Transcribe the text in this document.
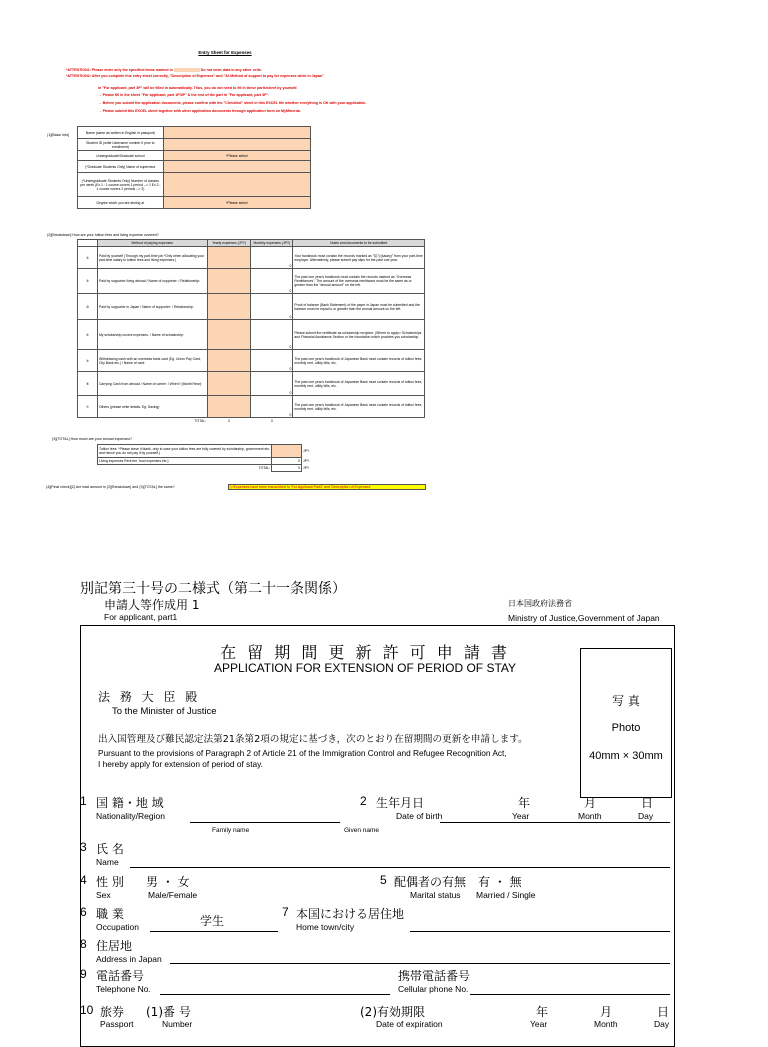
Entry Sheet for Expenses
*ATTENTION1: Please enter only the specified items marked in	Do not enter data in any other cells.
*ATTENTION2: After you complete this entry sheet correctly, "Description of Expenses" and "32.Method of support to pay for expenses while in Japan"
in "For applicant, part 3P" will be filled in automatically. Thus, you do not need to fill in these parts/sheet by yourself.
→ Please fill in the sheet "For applicant, part 1P/3P" & the rest of the part in "For applicant, part 3P".
→ Before you submit the application documents, please confirm with the "Checklist" sheet in this EXCEL file whether everything is OK with your application.
→ Please submit this EXCEL sheet together with other application documents through application form on MyMinerda.
(1)[Basic Info]
Name (same as written in English in passport)	
Student ID (write Username number if prior to enrollment)	
Undergraduate/Graduate school	*Please select
(*Graduate Students Only) Name of supervisor	
(*Undergraduate Students Only) Number of classes per week (Ex.1 : 1 course covers 1 period --> 1 Ex.2 : 1 course covers 2 periods --> 2)	
Degree which you are aiming at	*Please select
(2)[Breakdown] How are your tuition fees and living expense covered?
	Method of paying expenses	Yearly expenses (JPY)	Monthly expenses (JPY)	Notes and documents to be submitted
①	Paid by yourself (Through my part-time job *Only when allocating your part-time salary to tuition fees and living expenses.)		0	Your bankbook must contain the records marked as "給与(salary)" from your part-time employer. Alternatively, please submit pay slips for the past one year.
②	Paid by supporter living abroad / Name of supporter: / Relationship:		0	The past one year's bankbook must contain the records marked as "Overseas Remittances". The amount of the overseas remittance must be the same as or greater than the "annual amount" on the left.
③	Paid by supporter in Japan / Name of supporter: / Relationship:		0	Proof of balance (Bank Statement) of the payer in Japan must be submitted and the balance must be equal to or greater than the annual amount on the left.
④	My scholarship covers expenses. / Name of scholarship:		0	Please submit the certificate as scholarship recipient. (Where to apply> Scholarships and Financial Assistance Section or the foundation which provides you scholarship.
⑤	Withdrawing cash with an overseas bank card (Eg. Union Pay Card, City Bank etc.) / Name of card:		0	The past one year's bankbook of Japanese Bank must contain records of tuition fees, monthly rent, utility bills, etc.
⑥	Carrying Cash from abroad / Name of carrier: / When? (Month/Year):		0	The past one year's bankbook of Japanese Bank must contain records of tuition fees, monthly rent, utility bills, etc.
⑦	Others (please write details. Eg. Saving)		0	The past one year's bankbook of Japanese Bank must contain records of tuition fees, monthly rent, utility bills, etc.
	TOTAL:	0	0	
(3)[TOTAL] How much are your annual expenses?
Tuition fees: *Please leave it blank, only in case your tuition fees are fully covered by scholarship, government etc. and hence you do not pay it by yourself.)		JPY
Living expenses Rent fee, food expenses etc.)	0	JPY
TOTAL:	0	JPY
(4)[Final check](2) Are total amount in (2)[Breakdown] and (3)[TOTAL] the same?	Ⓐ/Expenses have been transcribed to 'For Applicant Part3' and 'Description of Expenses'
別記第三十号の二様式（第二十一条関係）
申請人等作成用 1
For applicant, part1
日本国政府法務省
Ministry of Justice,Government of Japan
写 真
Photo
40mm × 30mm
在 留 期 間 更 新 許 可 申 請 書
APPLICATION FOR EXTENSION OF PERIOD OF STAY
法 務 大 臣 殿
To the Minister of Justice
出入国管理及び難民認定法第21条第2項の規定に基づき，次のとおり在留期間の更新を申請します。
Pursuant to the provisions of Paragraph 2 of Article 21 of the Immigration Control and Refugee Recognition Act,
I hereby apply for extension of period of stay.
1 国 籍・地 域
Nationality/Region
2 生年月日
Date of birth
年
Year
月
Month
日
Day
Family name	Given name
3 氏 名
Name
4 性 別 男 ・ 女
Sex	Male/Female
5 配偶者の有無 有 ・ 無
Marital status Married / Single
6 職 業
Occupation	学生
7 本国における居住地
Home town/city
8 住居地
Address in Japan
9 電話番号
Telephone No.
携帯電話番号
Cellular phone No.
10 旅券 (1)番 号
Passport	Number
(2)有効期限
Date of expiration
年
Year
月
Month
日
Day
